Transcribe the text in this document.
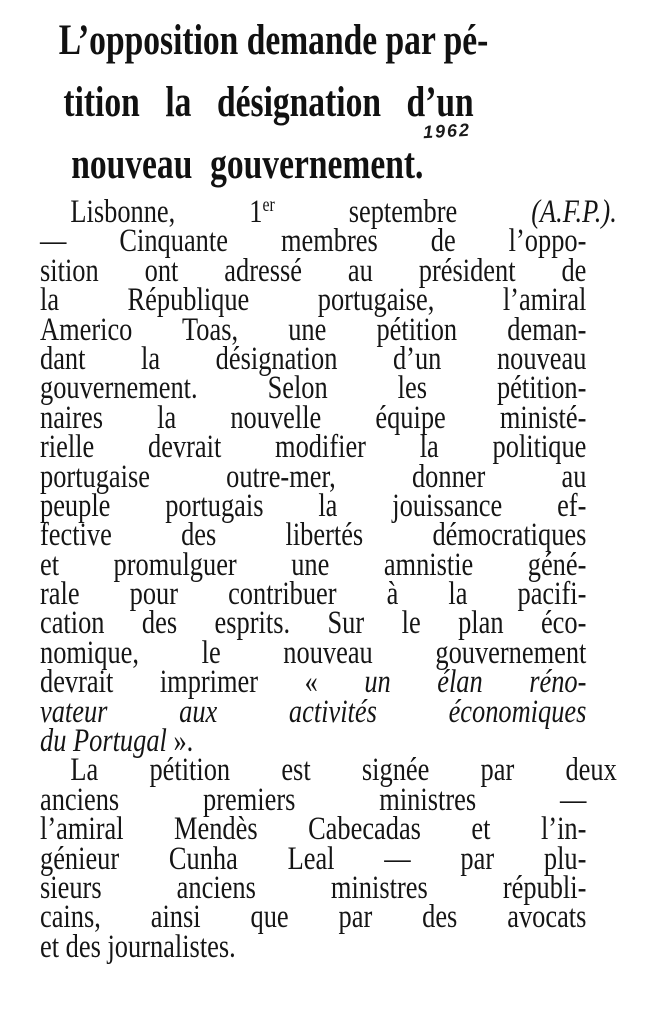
L’opposition demande par pé-
tition la désignation d’un
nouveau gouvernement.
1962
Lisbonne, 1er septembre (A.F.P.).
— Cinquante membres de l’oppo-
sition ont adressé au président de
la République portugaise, l’amiral
Americo Toas, une pétition deman-
dant la désignation d’un nouveau
gouvernement. Selon les pétition-
naires la nouvelle équipe ministé-
rielle devrait modifier la politique
portugaise outre-mer, donner au
peuple portugais la jouissance ef-
fective des libertés démocratiques
et promulguer une amnistie géné-
rale pour contribuer à la pacifi-
cation des esprits. Sur le plan éco-
nomique, le nouveau gouvernement
devrait imprimer « un élan réno-
vateur aux activités économiques
du Portugal ».
La pétition est signée par deux
anciens premiers ministres —
l’amiral Mendès Cabecadas et l’in-
génieur Cunha Leal — par plu-
sieurs anciens ministres républi-
cains, ainsi que par des avocats
et des journalistes.
